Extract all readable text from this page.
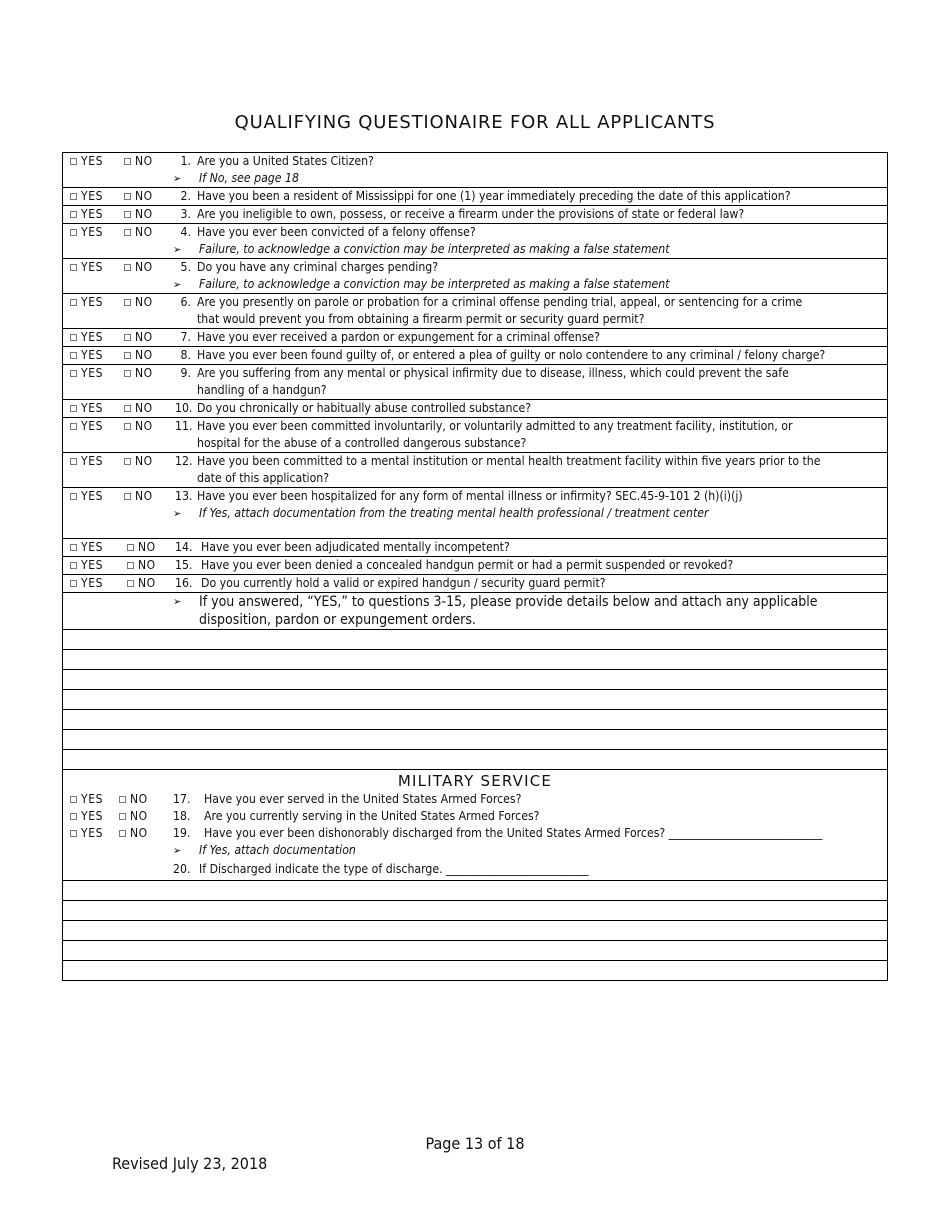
QUALIFYING QUESTIONAIRE FOR ALL APPLICANTS
YES	NO	1. Are you a United States Citizen?
➢ If No, see page 18
YES	NO	2. Have you been a resident of Mississippi for one (1) year immediately preceding the date of this application?
YES	NO	3. Are you ineligible to own, possess, or receive a firearm under the provisions of state or federal law?
YES	NO	4. Have you ever been convicted of a felony offense?
➢ Failure, to acknowledge a conviction may be interpreted as making a false statement
YES	NO	5. Do you have any criminal charges pending?
➢ Failure, to acknowledge a conviction may be interpreted as making a false statement
YES	NO	6. Are you presently on parole or probation for a criminal offense pending trial, appeal, or sentencing for a crime
that would prevent you from obtaining a firearm permit or security guard permit?
YES	NO	7. Have you ever received a pardon or expungement for a criminal offense?
YES	NO	8. Have you ever been found guilty of, or entered a plea of guilty or nolo contendere to any criminal / felony charge?
YES	NO	9. Are you suffering from any mental or physical infirmity due to disease, illness, which could prevent the safe
handling of a handgun?
YES	NO 10. Do you chronically or habitually abuse controlled substance?
YES	NO 11. Have you ever been committed involuntarily, or voluntarily admitted to any treatment facility, institution, or
hospital for the abuse of a controlled dangerous substance?
YES	NO 12. Have you been committed to a mental institution or mental health treatment facility within five years prior to the
date of this application?
YES	NO 13. Have you ever been hospitalized for any form of mental illness or infirmity? SEC.45-9-101 2 (h)(i)(j)
➢ If Yes, attach documentation from the treating mental health professional / treatment center
YES	NO 14. Have you ever been adjudicated mentally incompetent?
YES	NO 15. Have you ever been denied a concealed handgun permit or had a permit suspended or revoked?
YES	NO 16. Do you currently hold a valid or expired handgun / security guard permit?
➢ If you answered, “YES,” to questions 3-15, please provide details below and attach any applicable
disposition, pardon or expungement orders.
MILITARY SERVICE
YES	NO 17. Have you ever served in the United States Armed Forces?
YES	NO 18. Are you currently serving in the United States Armed Forces?
YES	NO 19. Have you ever been dishonorably discharged from the United States Armed Forces? ____________________________
➢ If Yes, attach documentation
20. If Discharged indicate the type of discharge. __________________________
Page 13 of 18
Revised July 23, 2018
